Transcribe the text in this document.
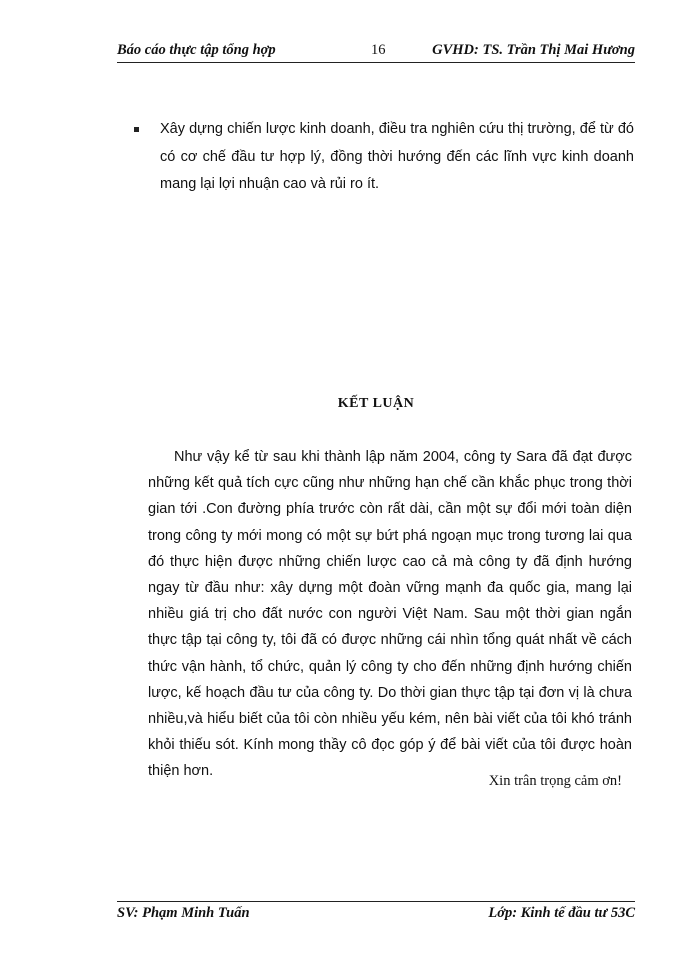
Báo cáo thực tập tổng hợp	16	GVHD: TS. Trần Thị Mai Hương
Xây dựng chiến lược kinh doanh, điều tra nghiên cứu thị trường, để từ đó có cơ chế đầu tư hợp lý, đồng thời hướng đến các lĩnh vực kinh doanh mang lại lợi nhuận cao và rủi ro ít.
KẾT LUẬN
Như vậy kể từ sau khi thành lập năm 2004, công ty Sara đã đạt được những kết quả tích cực cũng như những hạn chế cần khắc phục trong thời gian tới .Con đường phía trước còn rất dài, cần một sự đổi mới toàn diện trong công ty mới mong có một sự bứt phá ngoạn mục trong tương lai qua đó thực hiện được những chiến lược cao cả mà công ty đã định hướng ngay từ đầu như: xây dựng một đoàn vững mạnh đa quốc gia, mang lại nhiều giá trị cho đất nước con người Việt Nam. Sau một thời gian ngắn thực tập tại công ty, tôi đã có được những cái nhìn tổng quát nhất về cách thức vận hành, tổ chức, quản lý công ty cho đến những định hướng chiến lược, kế hoạch đầu tư của công ty. Do thời gian thực tập tại đơn vị là chưa nhiều,và hiểu biết của tôi còn nhiều yếu kém, nên bài viết của tôi khó tránh khỏi thiếu sót. Kính mong thầy cô đọc góp ý để bài viết của tôi được hoàn thiện hơn.
Xin trân trọng cảm ơn!
SV: Phạm Minh Tuấn	Lớp: Kinh tế đầu tư 53C
